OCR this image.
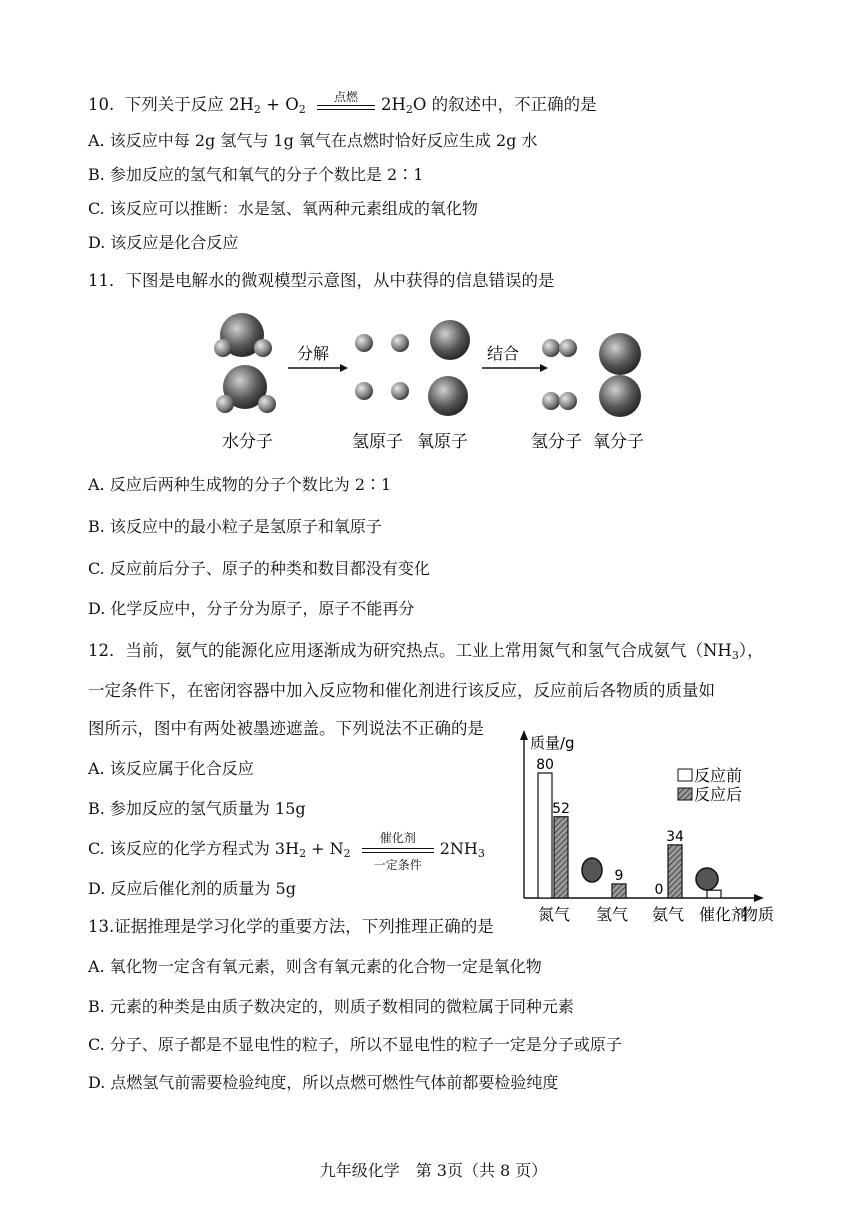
10. 下列关于反应 $2H_2 + O_2$
点燃	$2H_2O$ 的叙述中，不正确的是
A. 该反应中每 2g 氢气与 1g 氧气在点燃时恰好反应生成 2g 水
B. 参加反应的氢气和氧气的分子个数比是 2∶1
C. 该反应可以推断：水是氢、氧两种元素组成的氧化物
D. 该反应是化合反应
11．下图是电解水的微观模型示意图，从中获得的信息错误的是
分解	结合
水分子	氢原子 氧原子	氢分子 氧分子
A. 反应后两种生成物的分子个数比为 2∶1
B. 该反应中的最小粒子是氢原子和氧原子
C. 反应前后分子、原子的种类和数目都没有变化
D. 化学反应中，分子分为原子，原子不能再分
12．当前，氨气的能源化应用逐渐成为研究热点。工业上常用氮气和氢气合成氨气$(NH_3)$，
一定条件下，在密闭容器中加入反应物和催化剂进行该反应，反应前后各物质的质量如
图所示，图中有两处被墨迹遮盖。下列说法不正确的是
A. 该反应属于化合反应
B. 参加反应的氢气质量为 15g
C. 该反应的化学方程式为 $3H_2 + N_2$
催化剂
一定条件
$2NH_3$
D. 反应后催化剂的质量为 5g
质量/g
物质
80
52
氮气
9
氢气
34
氨气 催化剂
0
反应前
反应后
13.证据推理是学习化学的重要方法，下列推理正确的是
A. 氧化物一定含有氧元素，则含有氧元素的化合物一定是氧化物
B. 元素的种类是由质子数决定的，则质子数相同的微粒属于同种元素
C. 分子、原子都是不显电性的粒子，所以不显电性的粒子一定是分子或原子
D. 点燃氢气前需要检验纯度，所以点燃可燃性气体前都要检验纯度
九年级化学　第 3页（共 8 页）
